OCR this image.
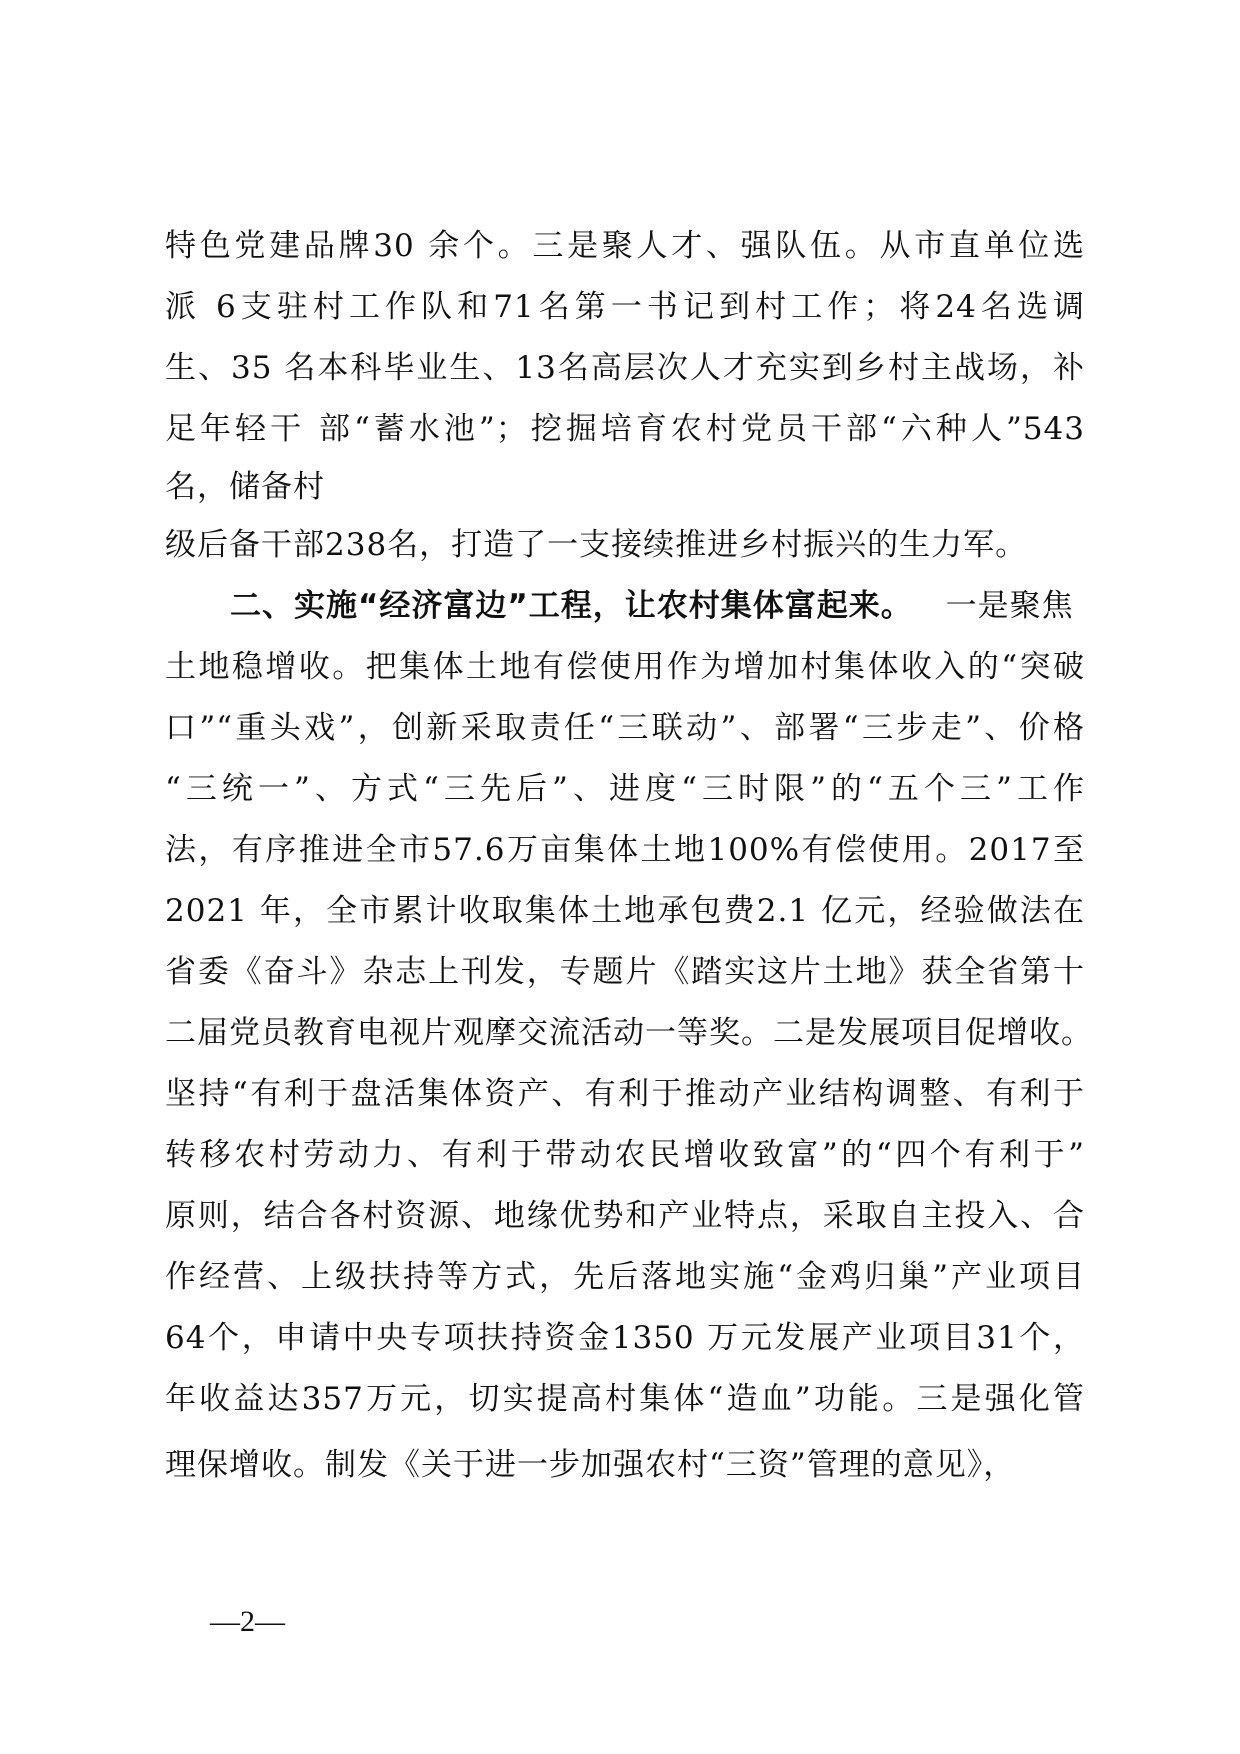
特色党建品牌30 余个。三是聚人才、强队伍。从市直单位选
派 6支驻村工作队和71名第一书记到村工作；将24名选调
生、35 名本科毕业生、13名高层次人才充实到乡村主战场，补
足年轻干 部“蓄水池”；挖掘培育农村党员干部“六种人”543
名，储备村
级后备干部238名，打造了一支接续推进乡村振兴的生力军。
二、实施“经济富边”工程，让农村集体富起来。 一是聚焦
土地稳增收。把集体土地有偿使用作为增加村集体收入的“突破
口”“重头戏”，创新采取责任“三联动”、部署“三步走”、价格
“三统一”、方式“三先后”、进度“三时限”的“五个三”工作
法，有序推进全市57.6万亩集体土地100%有偿使用。2017至
2021 年，全市累计收取集体土地承包费2.1 亿元，经验做法在
省委《奋斗》杂志上刊发，专题片《踏实这片土地》获全省第十
二届党员教育电视片观摩交流活动一等奖。二是发展项目促增收。
坚持“有利于盘活集体资产、有利于推动产业结构调整、有利于
转移农村劳动力、有利于带动农民增收致富”的“四个有利于”
原则，结合各村资源、地缘优势和产业特点，采取自主投入、合
作经营、上级扶持等方式，先后落地实施“金鸡归巢”产业项目
64个，申请中央专项扶持资金1350 万元发展产业项目31个，
年收益达357万元，切实提高村集体“造血”功能。三是强化管
理保增收。制发《关于进一步加强农村“三资”管理的意见》，
—2—
